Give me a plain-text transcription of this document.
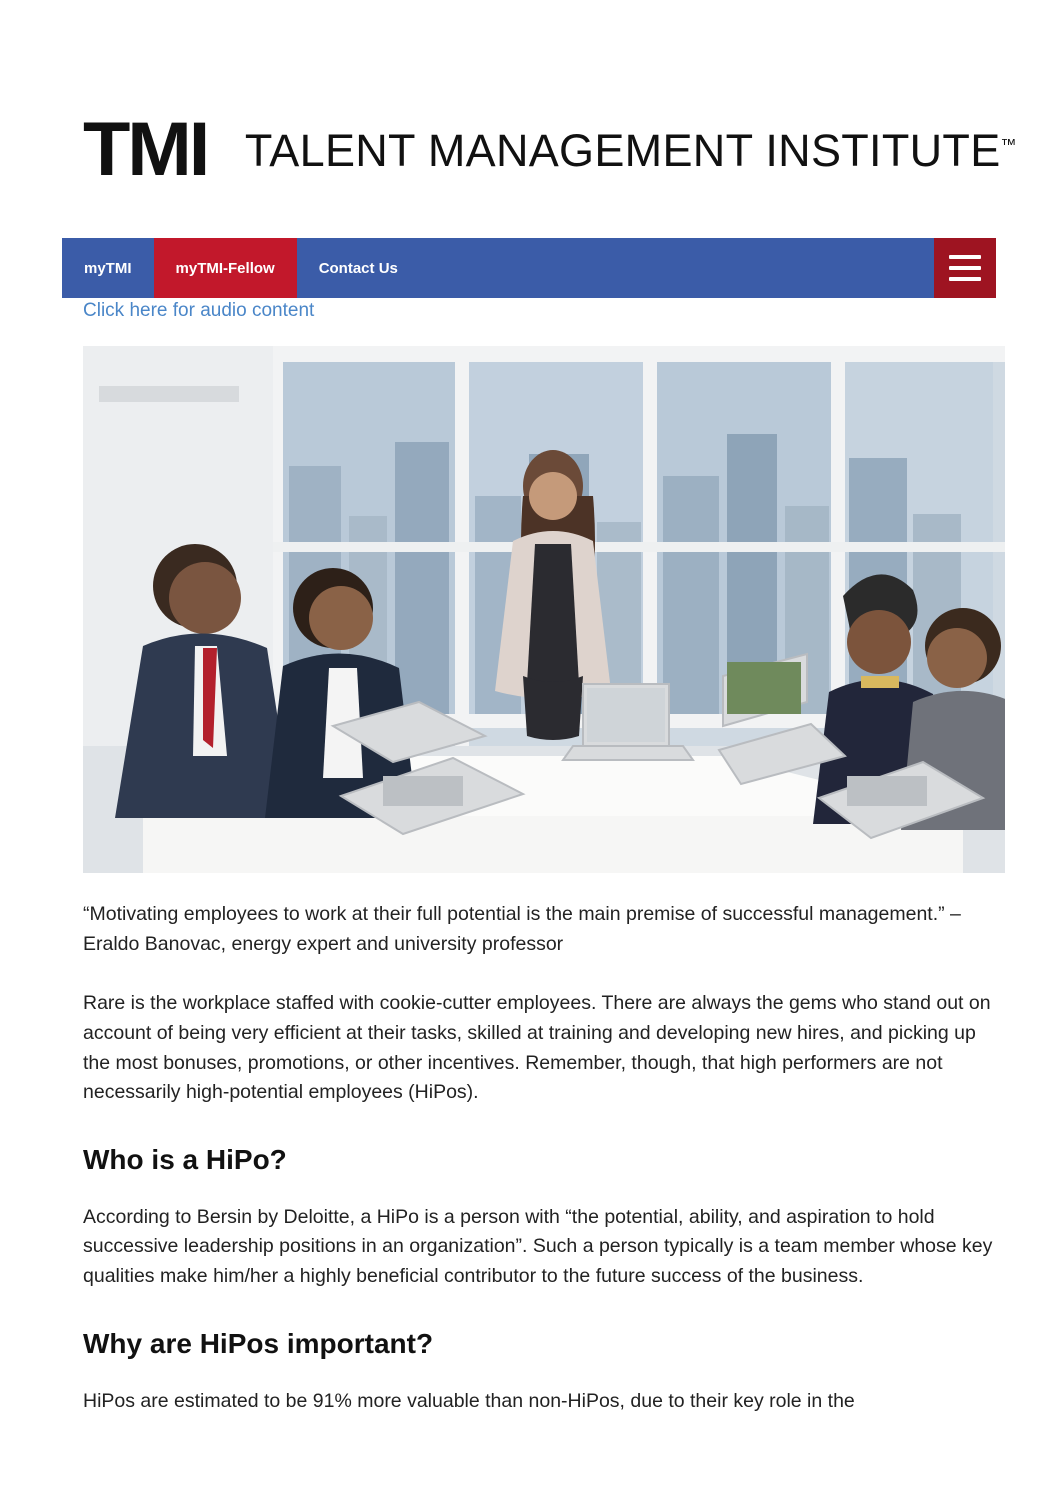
TMI TALENT MANAGEMENT INSTITUTE™
myTMI	myTMI-Fellow	Contact Us
Click here for audio content

“Motivating employees to work at their full potential is the main premise of successful management.” – Eraldo Banovac, energy expert and university professor

Rare is the workplace staffed with cookie-cutter employees. There are always the gems who stand out on account of being very efficient at their tasks, skilled at training and developing new hires, and picking up the most bonuses, promotions, or other incentives. Remember, though, that high performers are not necessarily high-potential employees (HiPos).

Who is a HiPo?

According to Bersin by Deloitte, a HiPo is a person with “the potential, ability, and aspiration to hold successive leadership positions in an organization”. Such a person typically is a team member whose key qualities make him/her a highly beneficial contributor to the future success of the business.

Why are HiPos important?

HiPos are estimated to be 91% more valuable than non-HiPos, due to their key role in the
